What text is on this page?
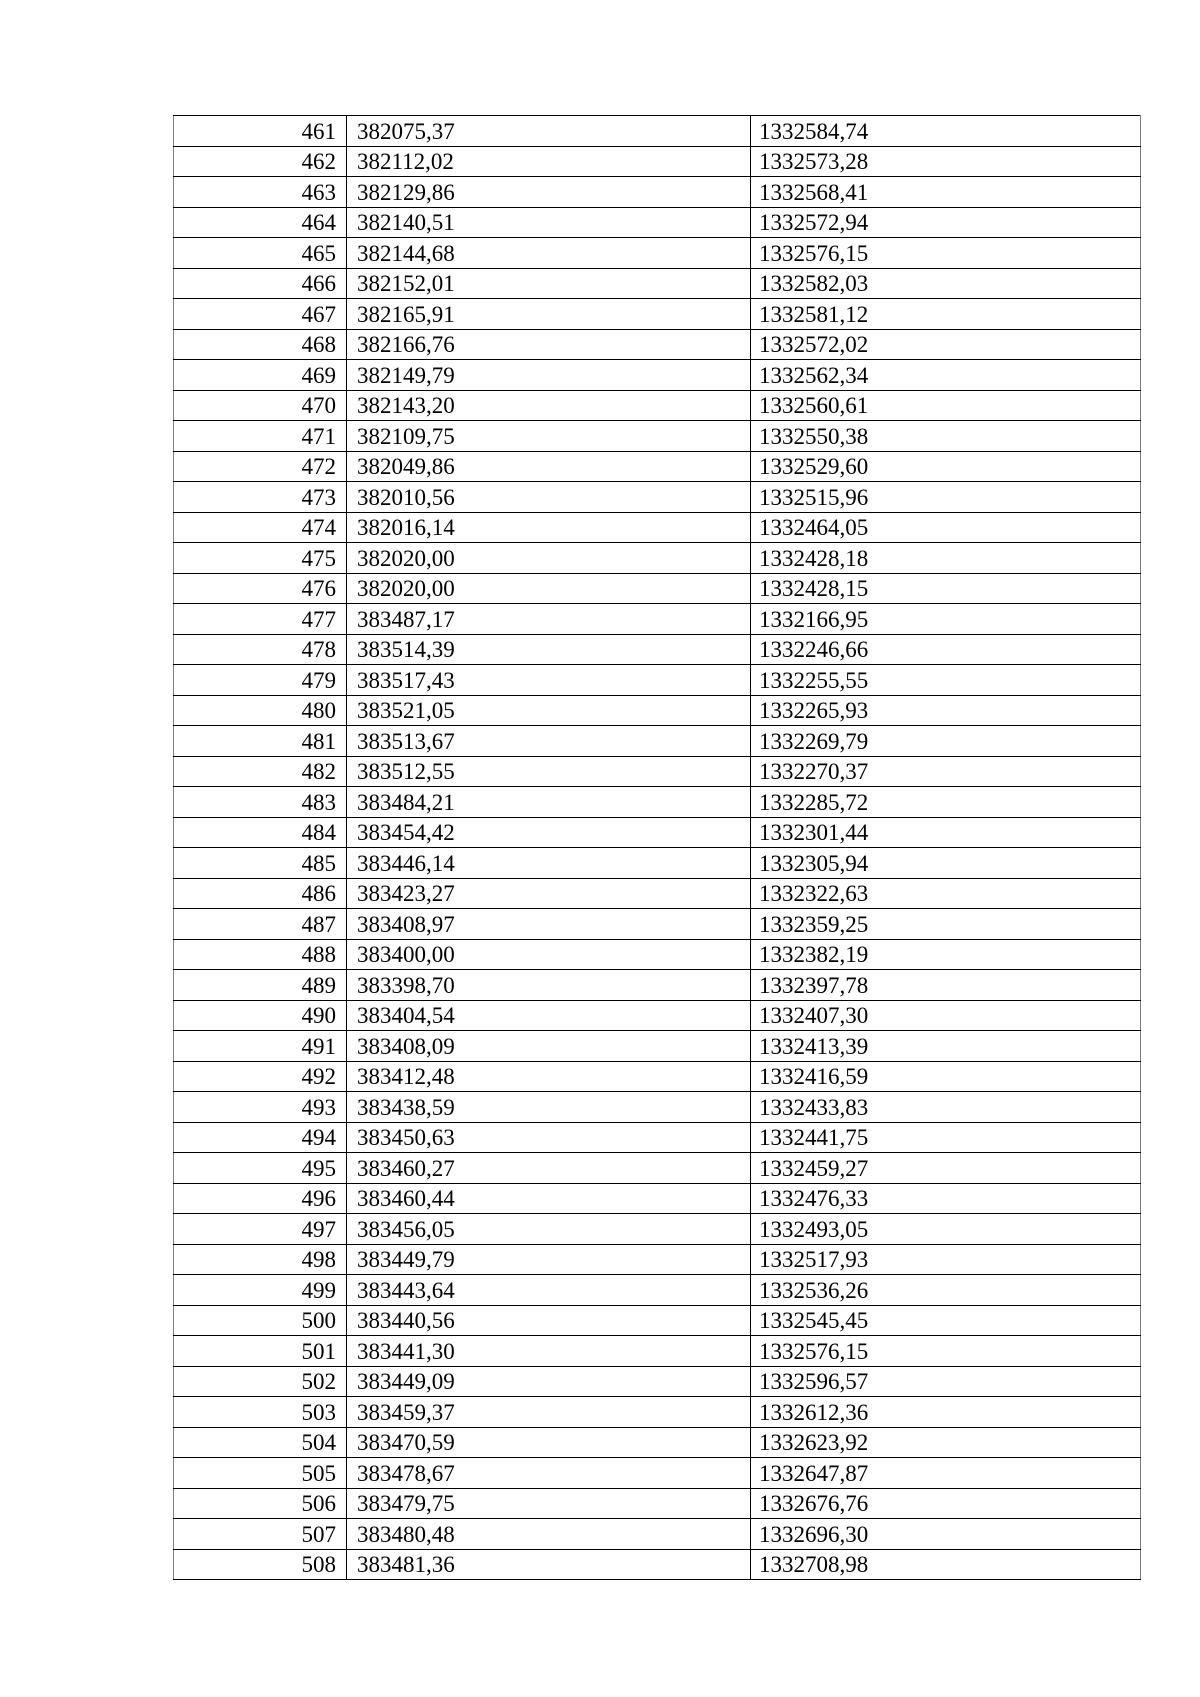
461	382075,37	1332584,74
462	382112,02	1332573,28
463	382129,86	1332568,41
464	382140,51	1332572,94
465	382144,68	1332576,15
466	382152,01	1332582,03
467	382165,91	1332581,12
468	382166,76	1332572,02
469	382149,79	1332562,34
470	382143,20	1332560,61
471	382109,75	1332550,38
472	382049,86	1332529,60
473	382010,56	1332515,96
474	382016,14	1332464,05
475	382020,00	1332428,18
476	382020,00	1332428,15
477	383487,17	1332166,95
478	383514,39	1332246,66
479	383517,43	1332255,55
480	383521,05	1332265,93
481	383513,67	1332269,79
482	383512,55	1332270,37
483	383484,21	1332285,72
484	383454,42	1332301,44
485	383446,14	1332305,94
486	383423,27	1332322,63
487	383408,97	1332359,25
488	383400,00	1332382,19
489	383398,70	1332397,78
490	383404,54	1332407,30
491	383408,09	1332413,39
492	383412,48	1332416,59
493	383438,59	1332433,83
494	383450,63	1332441,75
495	383460,27	1332459,27
496	383460,44	1332476,33
497	383456,05	1332493,05
498	383449,79	1332517,93
499	383443,64	1332536,26
500	383440,56	1332545,45
501	383441,30	1332576,15
502	383449,09	1332596,57
503	383459,37	1332612,36
504	383470,59	1332623,92
505	383478,67	1332647,87
506	383479,75	1332676,76
507	383480,48	1332696,30
508	383481,36	1332708,98
